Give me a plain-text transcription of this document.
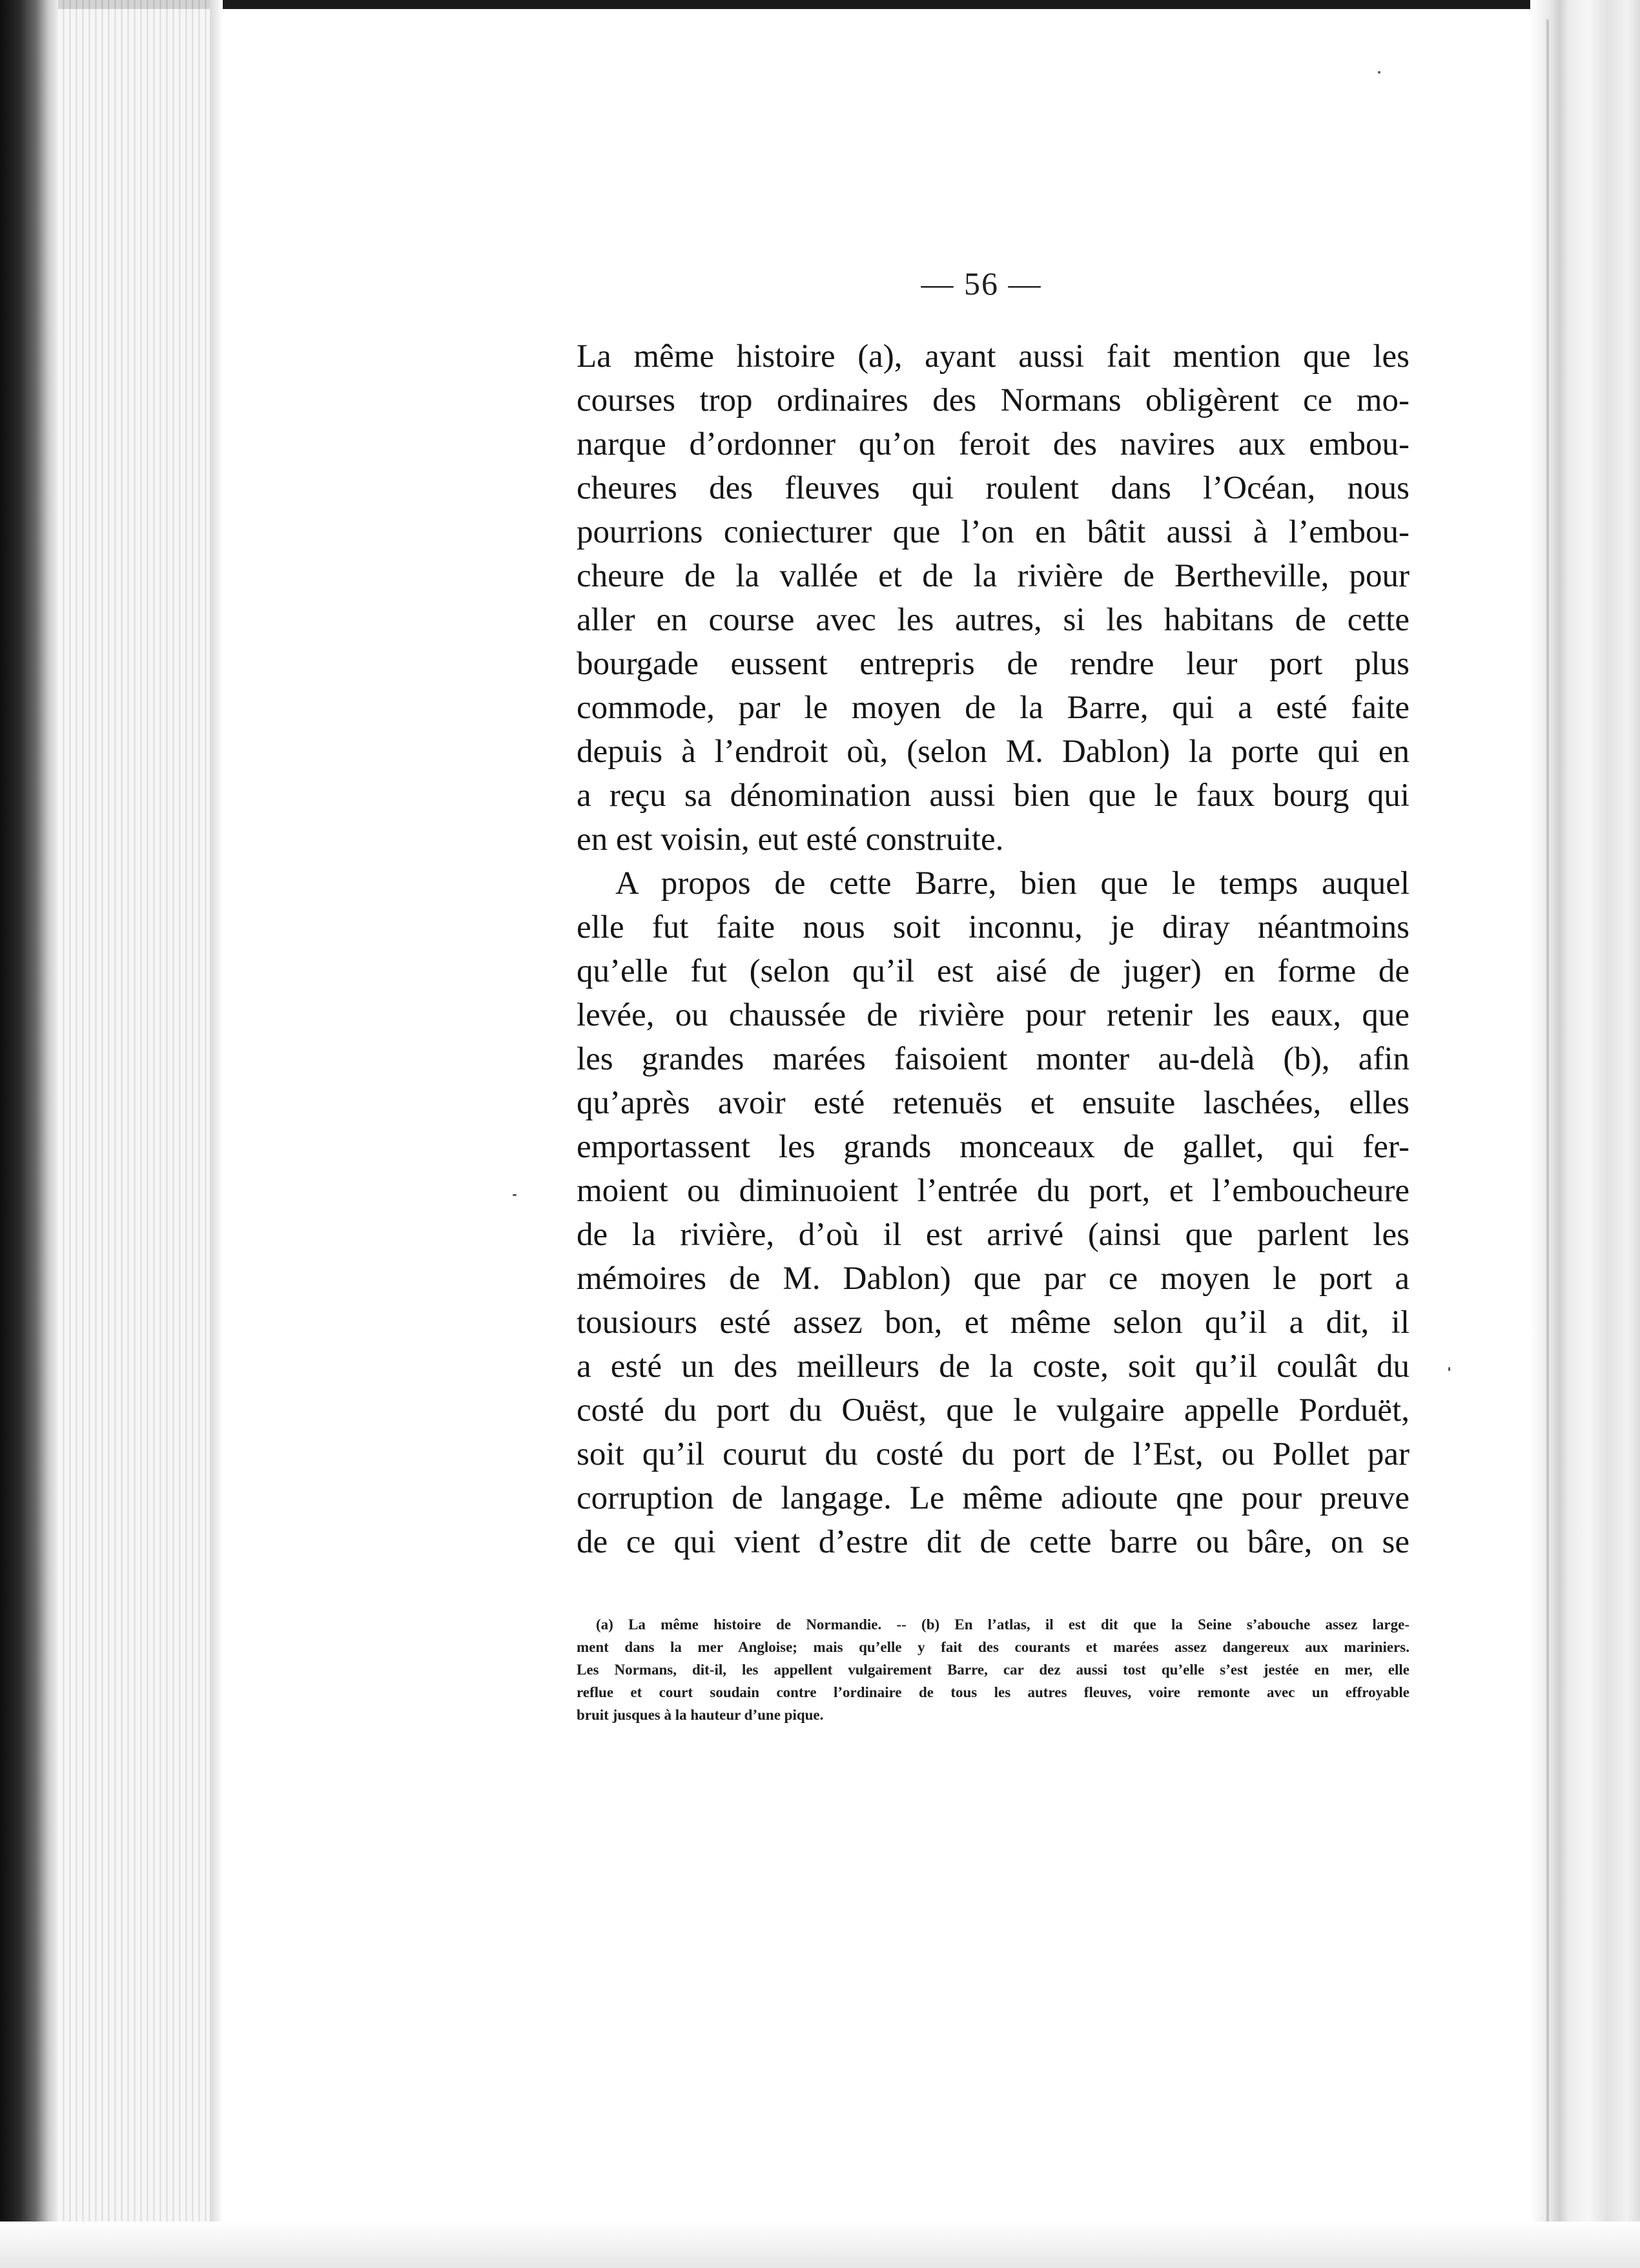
— 56 —
La même histoire (a), ayant aussi fait mention que les
courses trop ordinaires des Normans obligèrent ce mo-
narque d’ordonner qu’on feroit des navires aux embou-
cheures des fleuves qui roulent dans l’Océan, nous
pourrions coniecturer que l’on en bâtit aussi à l’embou-
cheure de la vallée et de la rivière de Bertheville, pour
aller en course avec les autres, si les habitans de cette
bourgade eussent entrepris de rendre leur port plus
commode, par le moyen de la Barre, qui a esté faite
depuis à l’endroit où, (selon M. Dablon) la porte qui en
a reçu sa dénomination aussi bien que le faux bourg qui
en est voisin, eut esté construite.
A propos de cette Barre, bien que le temps auquel
elle fut faite nous soit inconnu, je diray néantmoins
qu’elle fut (selon qu’il est aisé de juger) en forme de
levée, ou chaussée de rivière pour retenir les eaux, que
les grandes marées faisoient monter au-delà (b), afin
qu’après avoir esté retenuës et ensuite laschées, elles
emportassent les grands monceaux de gallet, qui fer-
moient ou diminuoient l’entrée du port, et l’embouchеure
de la rivière, d’où il est arrivé (ainsi que parlent les
mémoires de M. Dablon) que par ce moyen le port a
tousiours esté assez bon, et même selon qu’il a dit, il
a esté un des meilleurs de la coste, soit qu’il coulât du
costé du port du Ouëst, que le vulgaire appelle Porduët,
soit qu’il courut du costé du port de l’Est, ou Pollet par
corruption de langage. Le même adioute qne pour preuve
de ce qui vient d’estre dit de cette barre ou bâre, on se
(a) La même histoire de Normandie. -- (b) En l’atlas, il est dit que la Seine s’abouche assez large-
ment dans la mer Angloise; mais qu’elle y fait des courants et marées assez dangereux aux mariniers.
Les Normans, dit-il, les appellent vulgairement Barre, car dez aussi tost qu’elle s’est jestée en mer, elle
reflue et court soudain contre l’ordinaire de tous les autres fleuves, voire remonte avec un effroyable
bruit jusques à la hauteur d’une pique.
